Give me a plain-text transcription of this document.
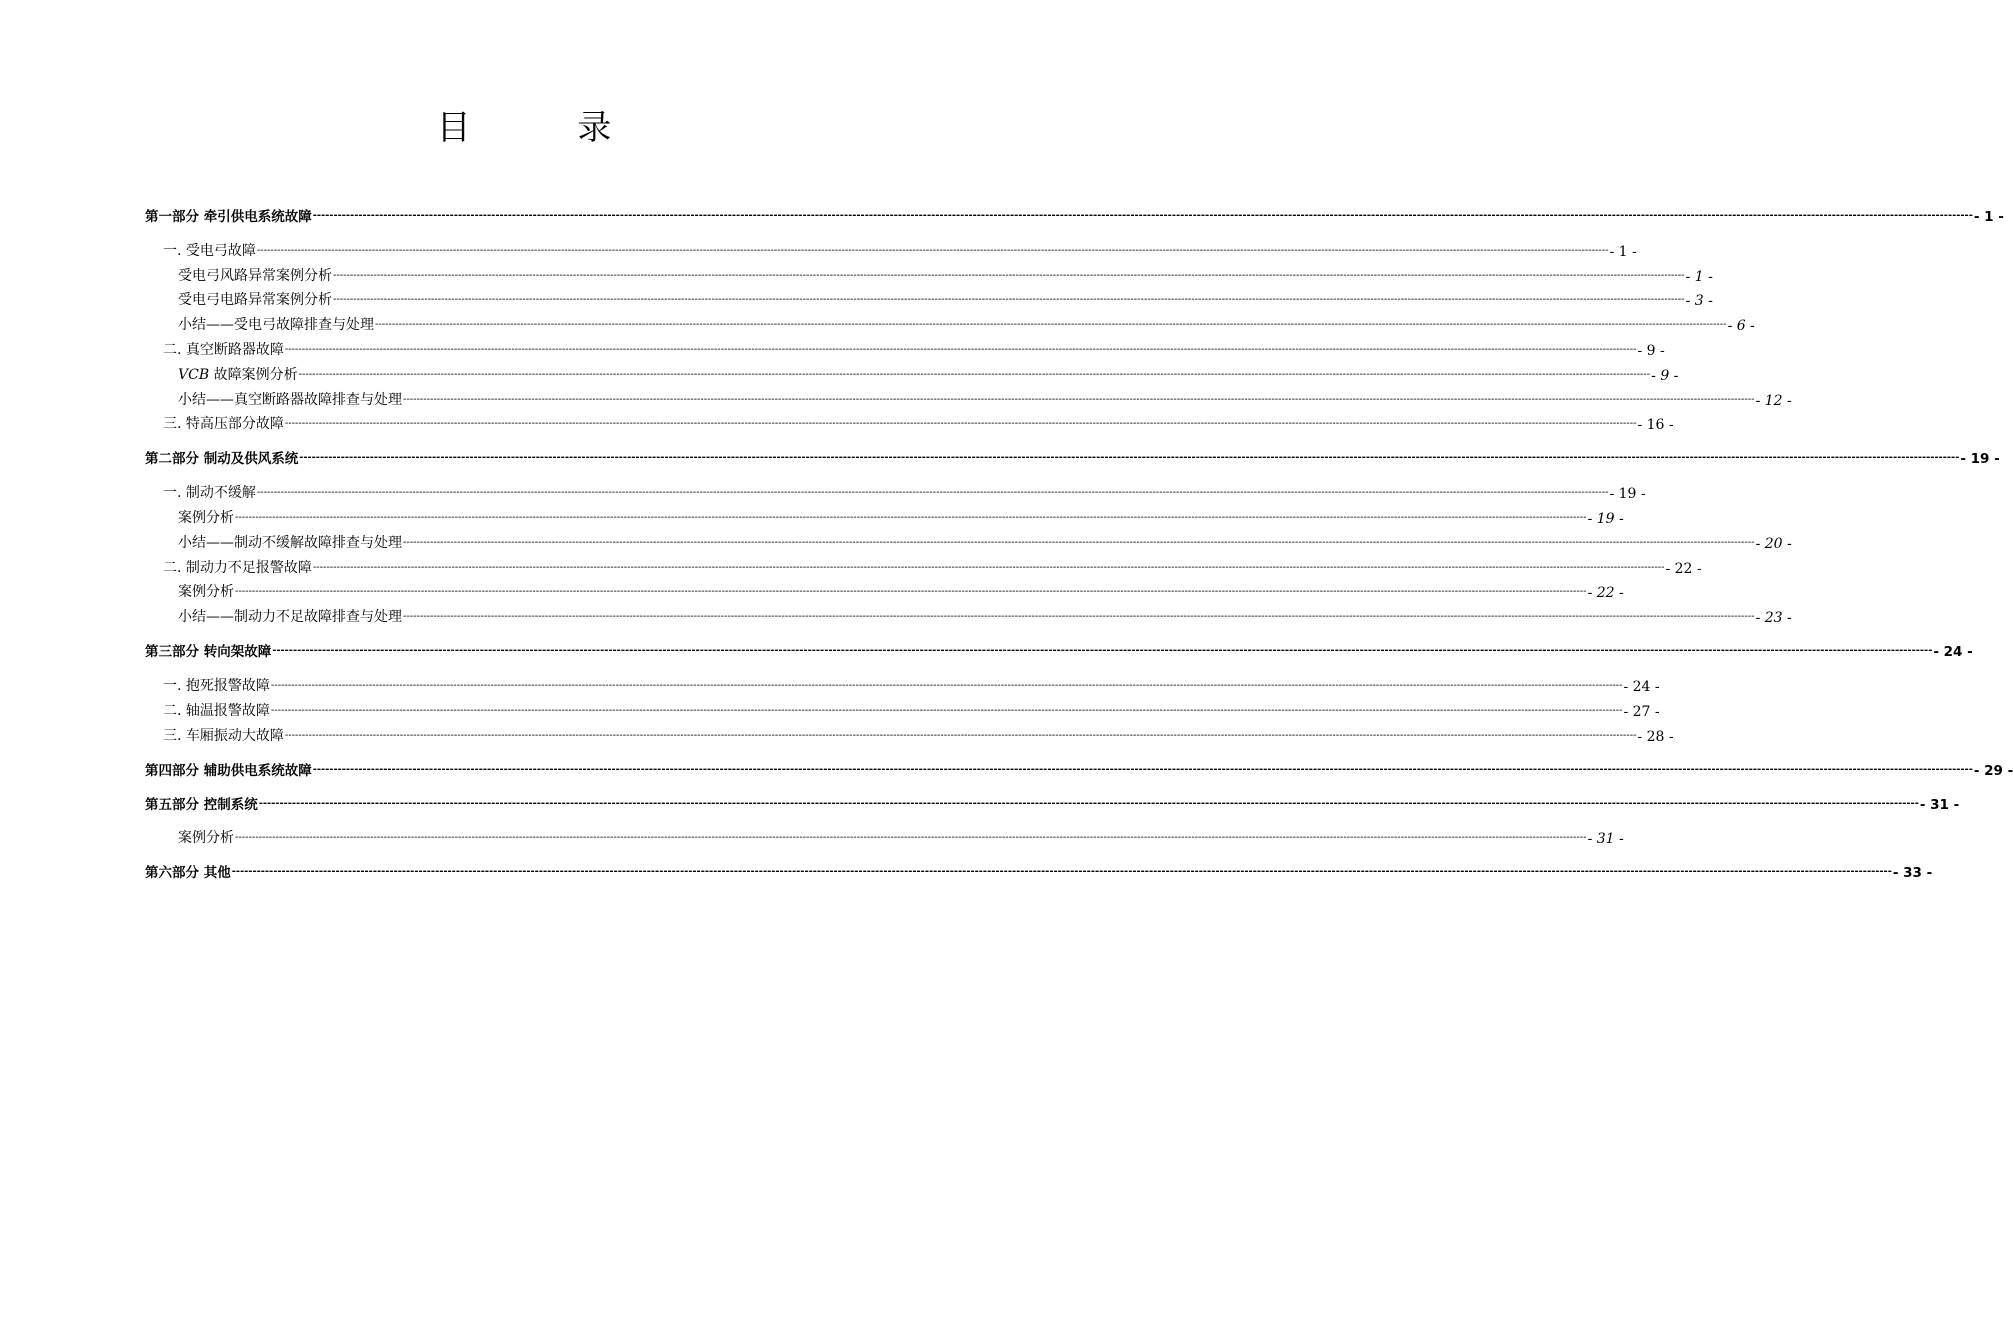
目 录
第一部分 牵引供电系统故障 ---------------------------------------------------------------------------------------------------------------------------------------------------------------------------------------------------------------------------------------------------------------------------------------------------------------------------------------------------------------------------------------------------------------- - 1 -
一. 受电弓故障 ---------------------------------------------------------------------------------------------------------------------------------------------------------------------------------------------------------------------------------------------------------------------------------------------------------------------------------------------------------------------------------------------------------------- - 1 -
受电弓风路异常案例分析 ---------------------------------------------------------------------------------------------------------------------------------------------------------------------------------------------------------------------------------------------------------------------------------------------------------------------------------------------------------------------------------------------------------------- - 1 -
受电弓电路异常案例分析 ---------------------------------------------------------------------------------------------------------------------------------------------------------------------------------------------------------------------------------------------------------------------------------------------------------------------------------------------------------------------------------------------------------------- - 3 -
小结——受电弓故障排查与处理 ---------------------------------------------------------------------------------------------------------------------------------------------------------------------------------------------------------------------------------------------------------------------------------------------------------------------------------------------------------------------------------------------------------------- - 6 -
二. 真空断路器故障 ---------------------------------------------------------------------------------------------------------------------------------------------------------------------------------------------------------------------------------------------------------------------------------------------------------------------------------------------------------------------------------------------------------------- - 9 -
VCB 故障案例分析 ---------------------------------------------------------------------------------------------------------------------------------------------------------------------------------------------------------------------------------------------------------------------------------------------------------------------------------------------------------------------------------------------------------------- - 9 -
小结——真空断路器故障排查与处理 ---------------------------------------------------------------------------------------------------------------------------------------------------------------------------------------------------------------------------------------------------------------------------------------------------------------------------------------------------------------------------------------------------------------- - 12 -
三. 特高压部分故障 ---------------------------------------------------------------------------------------------------------------------------------------------------------------------------------------------------------------------------------------------------------------------------------------------------------------------------------------------------------------------------------------------------------------- - 16 -
第二部分 制动及供风系统 ---------------------------------------------------------------------------------------------------------------------------------------------------------------------------------------------------------------------------------------------------------------------------------------------------------------------------------------------------------------------------------------------------------------- - 19 -
一. 制动不缓解 ---------------------------------------------------------------------------------------------------------------------------------------------------------------------------------------------------------------------------------------------------------------------------------------------------------------------------------------------------------------------------------------------------------------- - 19 -
案例分析 ---------------------------------------------------------------------------------------------------------------------------------------------------------------------------------------------------------------------------------------------------------------------------------------------------------------------------------------------------------------------------------------------------------------- - 19 -
小结——制动不缓解故障排查与处理 ---------------------------------------------------------------------------------------------------------------------------------------------------------------------------------------------------------------------------------------------------------------------------------------------------------------------------------------------------------------------------------------------------------------- - 20 -
二. 制动力不足报警故障 ---------------------------------------------------------------------------------------------------------------------------------------------------------------------------------------------------------------------------------------------------------------------------------------------------------------------------------------------------------------------------------------------------------------- - 22 -
案例分析 ---------------------------------------------------------------------------------------------------------------------------------------------------------------------------------------------------------------------------------------------------------------------------------------------------------------------------------------------------------------------------------------------------------------- - 22 -
小结——制动力不足故障排查与处理 ---------------------------------------------------------------------------------------------------------------------------------------------------------------------------------------------------------------------------------------------------------------------------------------------------------------------------------------------------------------------------------------------------------------- - 23 -
第三部分 转向架故障 ---------------------------------------------------------------------------------------------------------------------------------------------------------------------------------------------------------------------------------------------------------------------------------------------------------------------------------------------------------------------------------------------------------------- - 24 -
一. 抱死报警故障 ---------------------------------------------------------------------------------------------------------------------------------------------------------------------------------------------------------------------------------------------------------------------------------------------------------------------------------------------------------------------------------------------------------------- - 24 -
二. 轴温报警故障 ---------------------------------------------------------------------------------------------------------------------------------------------------------------------------------------------------------------------------------------------------------------------------------------------------------------------------------------------------------------------------------------------------------------- - 27 -
三. 车厢振动大故障 ---------------------------------------------------------------------------------------------------------------------------------------------------------------------------------------------------------------------------------------------------------------------------------------------------------------------------------------------------------------------------------------------------------------- - 28 -
第四部分 辅助供电系统故障 ---------------------------------------------------------------------------------------------------------------------------------------------------------------------------------------------------------------------------------------------------------------------------------------------------------------------------------------------------------------------------------------------------------------- - 29 -
第五部分 控制系统 ---------------------------------------------------------------------------------------------------------------------------------------------------------------------------------------------------------------------------------------------------------------------------------------------------------------------------------------------------------------------------------------------------------------- - 31 -
案例分析 ---------------------------------------------------------------------------------------------------------------------------------------------------------------------------------------------------------------------------------------------------------------------------------------------------------------------------------------------------------------------------------------------------------------- - 31 -
第六部分 其他 ---------------------------------------------------------------------------------------------------------------------------------------------------------------------------------------------------------------------------------------------------------------------------------------------------------------------------------------------------------------------------------------------------------------- - 33 -
